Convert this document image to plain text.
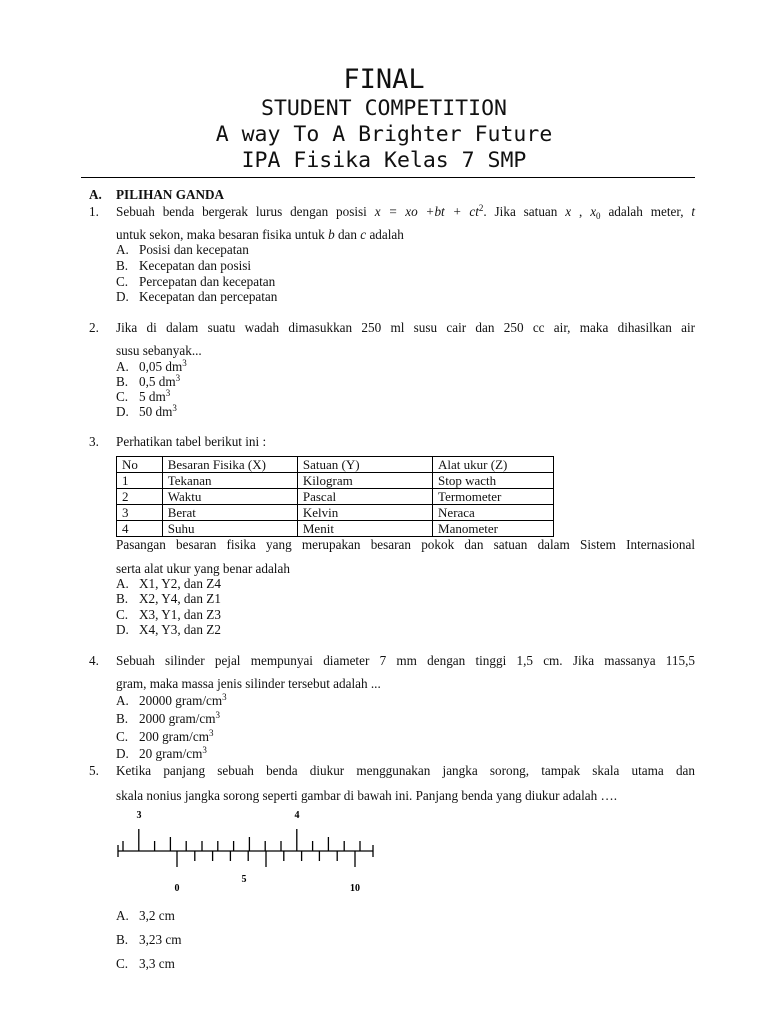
FINAL
STUDENT COMPETITION
A way To A Brighter Future
IPA Fisika Kelas 7 SMP
A. PILIHAN GANDA
1. Sebuah benda bergerak lurus dengan posisi x = xo $+bt + ct^2$. Jika satuan x , $x_0$ adalah meter, t
untuk sekon, maka besaran fisika untuk b dan c adalah
A. Posisi dan kecepatan
B. Kecepatan dan posisi
C. Percepatan dan kecepatan
D. Kecepatan dan percepatan
2. Jika di dalam suatu wadah dimasukkan 250 ml susu cair dan 250 cc air, maka dihasilkan air
susu sebanyak...
A. 0,05 $dm^3$
B. 0,5 $dm^3$
C. 5 $dm^3$
D. 50 $dm^3$
3. Perhatikan tabel berikut ini :
No	Besaran Fisika (X)	Satuan (Y)	Alat ukur (Z)
1	Tekanan	Kilogram	Stop wacth
2	Waktu	Pascal	Termometer
3	Berat	Kelvin	Neraca
4	Suhu	Menit	Manometer
Pasangan besaran fisika yang merupakan besaran pokok dan satuan dalam Sistem Internasional
serta alat ukur yang benar adalah
A. X1, Y2, dan Z4
B. X2, Y4, dan Z1
C. X3, Y1, dan Z3
D. X4, Y3, dan Z2
4. Sebuah silinder pejal mempunyai diameter 7 mm dengan tinggi 1,5 cm. Jika massanya 115,5
gram, maka massa jenis silinder tersebut adalah ...
A. 20000 gram/$cm^3$
B. 2000 gram/$cm^3$
C. 200 gram/$cm^3$
D. 20 gram/$cm^3$
5. Ketika panjang sebuah benda diukur menggunakan jangka sorong, tampak skala utama dan
skala nonius jangka sorong seperti gambar di bawah ini. Panjang benda yang diukur adalah ….
3	4
0
5
10
A. 3,2 cm
B. 3,23 cm
C. 3,3 cm
